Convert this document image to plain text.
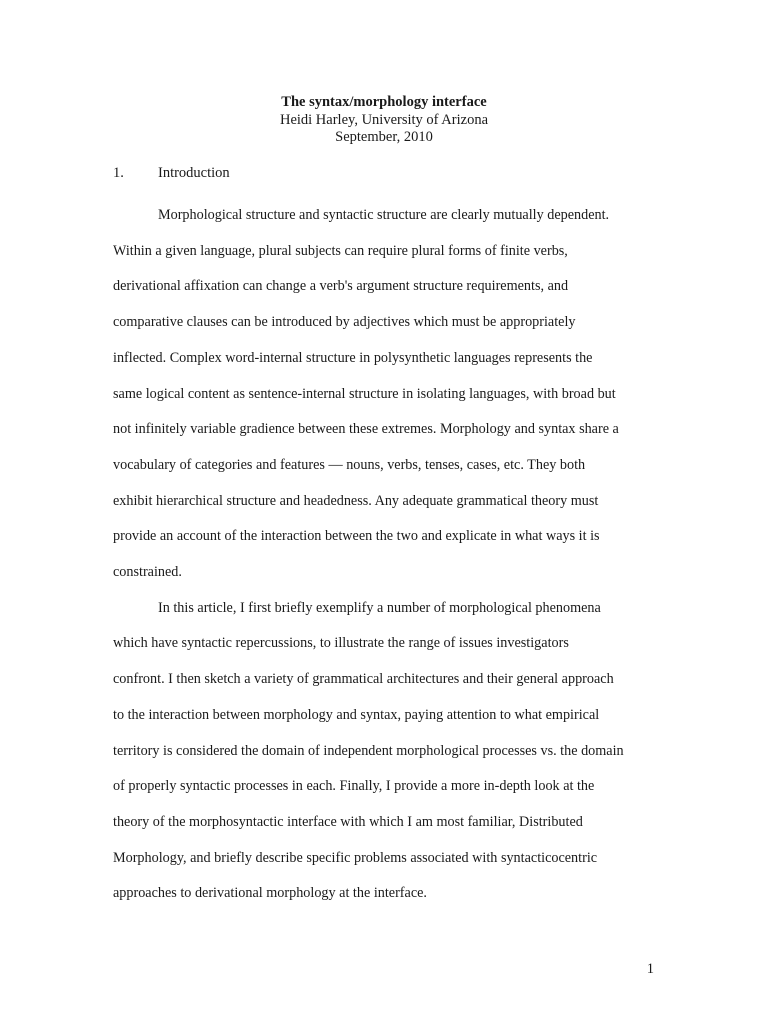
The syntax/morphology interface
Heidi Harley, University of Arizona
September, 2010
1. Introduction
Morphological structure and syntactic structure are clearly mutually dependent.
Within a given language, plural subjects can require plural forms of finite verbs,
derivational affixation can change a verb's argument structure requirements, and
comparative clauses can be introduced by adjectives which must be appropriately
inflected. Complex word-internal structure in polysynthetic languages represents the
same logical content as sentence-internal structure in isolating languages, with broad but
not infinitely variable gradience between these extremes. Morphology and syntax share a
vocabulary of categories and features — nouns, verbs, tenses, cases, etc. They both
exhibit hierarchical structure and headedness. Any adequate grammatical theory must
provide an account of the interaction between the two and explicate in what ways it is
constrained.
In this article, I first briefly exemplify a number of morphological phenomena
which have syntactic repercussions, to illustrate the range of issues investigators
confront. I then sketch a variety of grammatical architectures and their general approach
to the interaction between morphology and syntax, paying attention to what empirical
territory is considered the domain of independent morphological processes vs. the domain
of properly syntactic processes in each. Finally, I provide a more in-depth look at the
theory of the morphosyntactic interface with which I am most familiar, Distributed
Morphology, and briefly describe specific problems associated with syntacticocentric
approaches to derivational morphology at the interface.
1
